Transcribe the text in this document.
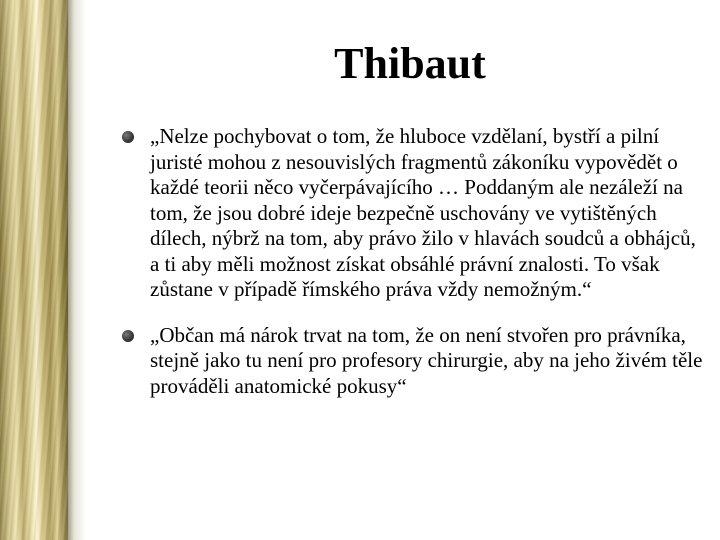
Thibaut
„Nelze pochybovat o tom, že hluboce vzdělaní, bystří a pilní juristé mohou z nesouvislých fragmentů zákoníku vypovědět o každé teorii něco vyčerpávajícího … Poddaným ale nezáleží na tom, že jsou dobré ideje bezpečně uschovány ve vytištěných dílech, nýbrž na tom, aby právo žilo v hlavách soudců a obhájců, a ti aby měli možnost získat obsáhlé právní znalosti. To však zůstane v případě římského práva vždy nemožným.“
„Občan má nárok trvat na tom, že on není stvořen pro právníka, stejně jako tu není pro profesory chirurgie, aby na jeho živém těle prováděli anatomické pokusy“
